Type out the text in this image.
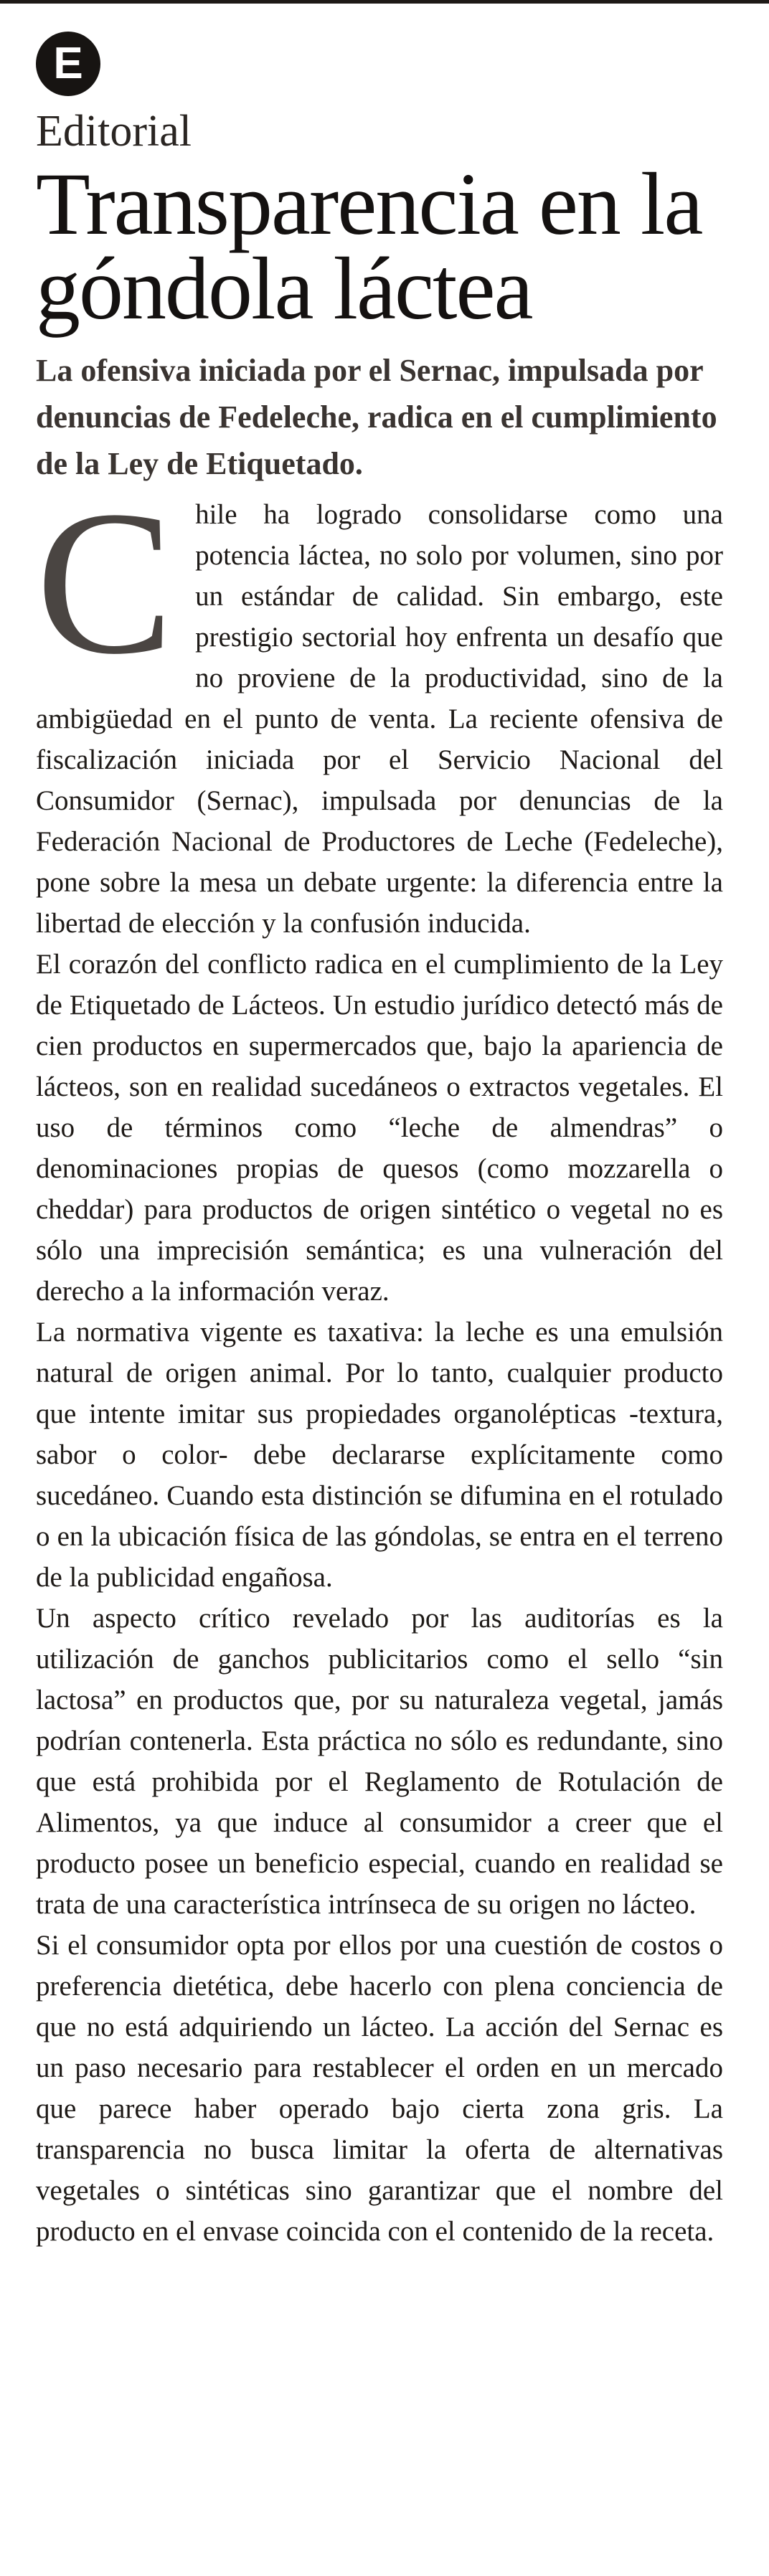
E
Editorial
Transparencia en la góndola láctea
La ofensiva iniciada por el Sernac, impulsada por denuncias de Fedeleche, radica en el cumplimiento de la Ley de Etiquetado.

Chile ha logrado consolidarse como una potencia láctea, no solo por volumen, sino por un estándar de calidad. Sin embargo, este prestigio sectorial hoy enfrenta un desafío que no proviene de la productividad, sino de la ambigüedad en el punto de venta. La reciente ofensiva de fiscalización iniciada por el Servicio Nacional del Consumidor (Sernac), impulsada por denuncias de la Federación Nacional de Productores de Leche (Fedeleche), pone sobre la mesa un debate urgente: la diferencia entre la libertad de elección y la confusión inducida.

El corazón del conflicto radica en el cumplimiento de la Ley de Etiquetado de Lácteos. Un estudio jurídico detectó más de cien productos en supermercados que, bajo la apariencia de lácteos, son en realidad sucedáneos o extractos vegetales. El uso de términos como “leche de almendras” o denominaciones propias de quesos (como mozzarella o cheddar) para productos de origen sintético o vegetal no es sólo una imprecisión semántica; es una vulneración del derecho a la información veraz.

La normativa vigente es taxativa: la leche es una emulsión natural de origen animal. Por lo tanto, cualquier producto que intente imitar sus propiedades organolépticas -textura, sabor o color- debe declararse explícitamente como sucedáneo. Cuando esta distinción se difumina en el rotulado o en la ubicación física de las góndolas, se entra en el terreno de la publicidad engañosa.

Un aspecto crítico revelado por las auditorías es la utilización de ganchos publicitarios como el sello “sin lactosa” en productos que, por su naturaleza vegetal, jamás podrían contenerla. Esta práctica no sólo es redundante, sino que está prohibida por el Reglamento de Rotulación de Alimentos, ya que induce al consumidor a creer que el producto posee un beneficio especial, cuando en realidad se trata de una característica intrínseca de su origen no lácteo.

Si el consumidor opta por ellos por una cuestión de costos o preferencia dietética, debe hacerlo con plena conciencia de que no está adquiriendo un lácteo. La acción del Sernac es un paso necesario para restablecer el orden en un mercado que parece haber operado bajo cierta zona gris. La transparencia no busca limitar la oferta de alternativas vegetales o sintéticas sino garantizar que el nombre del producto en el envase coincida con el contenido de la receta.
